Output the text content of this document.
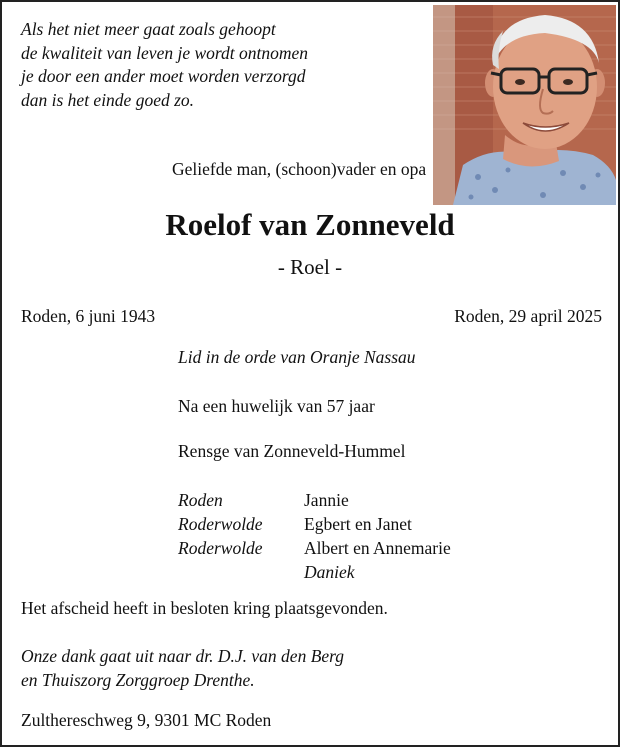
Als het niet meer gaat zoals gehoopt
de kwaliteit van leven je wordt ontnomen
je door een ander moet worden verzorgd
dan is het einde goed zo.
Geliefde man, (schoon)vader en opa
Roelof van Zonneveld
- Roel -
Roden, 6 juni 1943	Roden, 29 april 2025
Lid in de orde van Oranje Nassau
Na een huwelijk van 57 jaar
Rensge van Zonneveld-Hummel
Roden	Jannie
Roderwolde Egbert en Janet
Roderwolde Albert en Annemarie
Daniek
Het afscheid heeft in besloten kring plaatsgevonden.
Onze dank gaat uit naar dr. D.J. van den Berg
en Thuiszorg Zorggroep Drenthe.
Zulthereschweg 9, 9301 MC Roden
